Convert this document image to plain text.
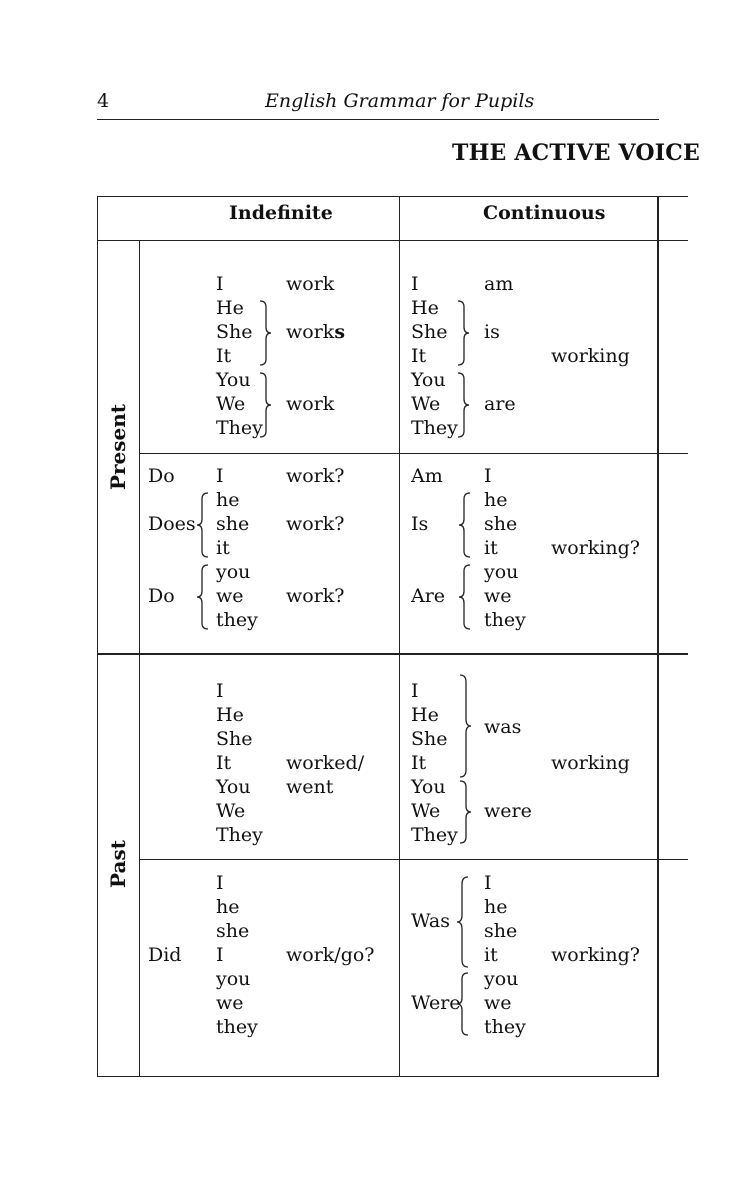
4	English Grammar for Pupils
THE ACTIVE VOICE
Indefinite	Continuous
Present
Past
I
He
She
It
You
We
They
work
works
work
I
He
She
It
You
We
They
am
is
are
working
Do
Does
Do
I
he
she
it
you
we
they
work?
work?
work?
Am
Is
Are
I
he
she
it
you
we
they
working?
I
He
She
It
You
We
They
worked/
went
I
He
She
It
You
We
They
was
were
working
Did
I
he
she
I
you
we
they
work/go?
Was
Were
I
he
she
it
you
we
they
working?
